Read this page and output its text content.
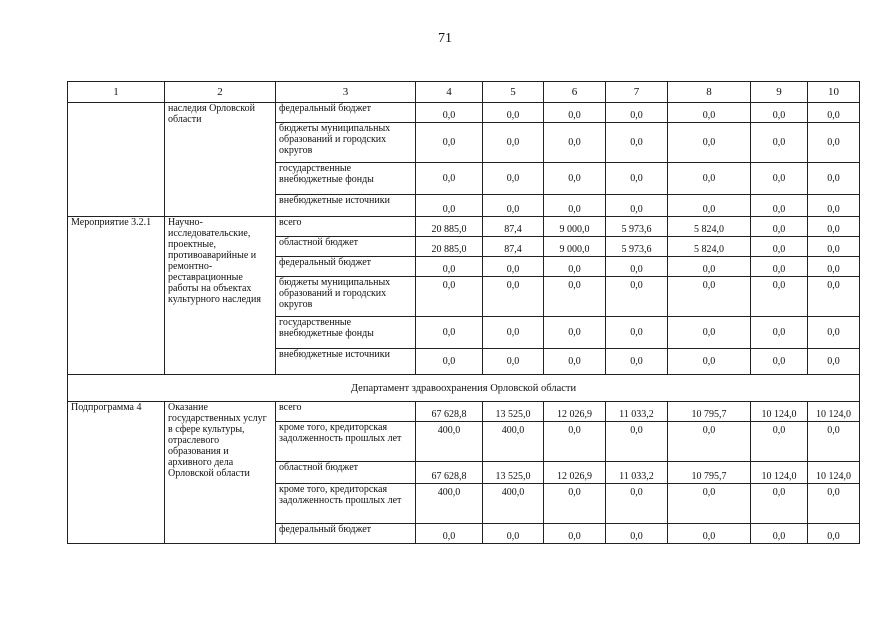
71
1	2	3	4	5	6	7	8	9	10
	наследия Орловской области	федеральный бюджет	0,0	0,0	0,0	0,0	0,0	0,0	0,0
		бюджеты муниципальных образований и городских округов	0,0	0,0	0,0	0,0	0,0	0,0	0,0
		государственные внебюджетные фонды	0,0	0,0	0,0	0,0	0,0	0,0	0,0
		внебюджетные источники	0,0	0,0	0,0	0,0	0,0	0,0	0,0
Мероприятие 3.2.1	Научно-исследовательские, проектные, противоаварийные и ремонтно-реставрационные работы на объектах культурного наследия	всего	20 885,0	87,4	9 000,0	5 973,6	5 824,0	0,0	0,0
		областной бюджет	20 885,0	87,4	9 000,0	5 973,6	5 824,0	0,0	0,0
		федеральный бюджет	0,0	0,0	0,0	0,0	0,0	0,0	0,0
		бюджеты муниципальных образований и городских округов	0,0	0,0	0,0	0,0	0,0	0,0	0,0
		государственные внебюджетные фонды	0,0	0,0	0,0	0,0	0,0	0,0	0,0
		внебюджетные источники	0,0	0,0	0,0	0,0	0,0	0,0	0,0
Департамент здравоохранения Орловской области									
Подпрограмма 4	Оказание государственных услуг в сфере культуры, отраслевого образования и архивного дела Орловской области	всего	67 628,8	13 525,0	12 026,9	11 033,2	10 795,7	10 124,0	10 124,0
		кроме того, кредиторская задолженность прошлых лет	400,0	400,0	0,0	0,0	0,0	0,0	0,0
		областной бюджет	67 628,8	13 525,0	12 026,9	11 033,2	10 795,7	10 124,0	10 124,0
		кроме того, кредиторская задолженность прошлых лет	400,0	400,0	0,0	0,0	0,0	0,0	0,0
		федеральный бюджет	0,0	0,0	0,0	0,0	0,0	0,0	0,0
